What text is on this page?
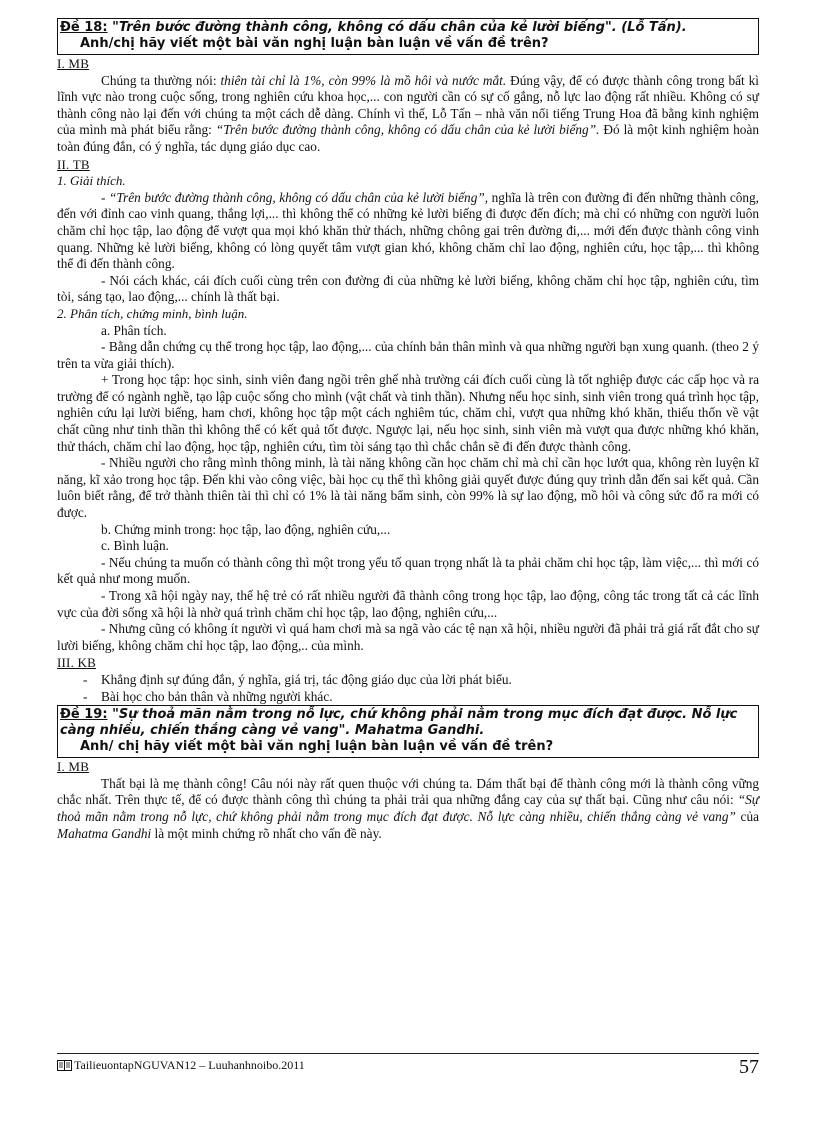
Đề 18: "Trên bước đường thành công, không có dấu chân của kẻ lười biếng". (Lỗ Tấn).
Anh/chị hãy viết một bài văn nghị luận bàn luận về vấn đề trên?
I. MB

Chúng ta thường nói: thiên tài chỉ là 1%, còn 99% là mồ hôi và nước mắt. Đúng vậy, để có được thành công trong bất kì lĩnh vực nào trong cuộc sống, trong nghiên cứu khoa học,... con người cần có sự cố gắng, nỗ lực lao động rất nhiều. Không có sự thành công nào lại đến với chúng ta một cách dễ dàng. Chính vì thế, Lỗ Tấn – nhà văn nổi tiếng Trung Hoa đã bằng kinh nghiệm của mình mà phát biểu rằng: “Trên bước đường thành công, không có dấu chân của kẻ lười biếng”. Đó là một kinh nghiệm hoàn toàn đúng đắn, có ý nghĩa, tác dụng giáo dục cao.

II. TB
1. Giải thích.

- “Trên bước đường thành công, không có dấu chân của kẻ lười biếng”, nghĩa là trên con đường đi đến những thành công, đến với đỉnh cao vinh quang, thắng lợi,... thì không thể có những kẻ lười biếng đi được đến đích; mà chỉ có những con người luôn chăm chỉ học tập, lao động để vượt qua mọi khó khăn thử thách, những chông gai trên đường đi,... mới đến được thành công vinh quang. Những kẻ lười biếng, không có lòng quyết tâm vượt gian khó, không chăm chỉ lao động, nghiên cứu, học tập,... thì không thể đi đến thành công.

- Nói cách khác, cái đích cuối cùng trên con đường đi của những kẻ lười biếng, không chăm chỉ học tập, nghiên cứu, tìm tòi, sáng tạo, lao động,... chính là thất bại.

2. Phân tích, chứng minh, bình luận.

a. Phân tích.

- Bằng dẫn chứng cụ thể trong học tập, lao động,... của chính bản thân mình và qua những người bạn xung quanh. (theo 2 ý trên ta vừa giải thích).

+ Trong học tập: học sinh, sinh viên đang ngồi trên ghế nhà trường cái đích cuối cùng là tốt nghiệp được các cấp học và ra trường để có ngành nghề, tạo lập cuộc sống cho mình (vật chất và tinh thần). Nhưng nếu học sinh, sinh viên trong quá trình học tập, nghiên cứu lại lười biếng, ham chơi, không học tập một cách nghiêm túc, chăm chỉ, vượt qua những khó khăn, thiếu thốn về vật chất cũng như tinh thần thì không thể có kết quả tốt được. Ngược lại, nếu học sinh, sinh viên mà vượt qua được những khó khăn, thử thách, chăm chỉ lao động, học tập, nghiên cứu, tìm tòi sáng tạo thì chắc chắn sẽ đi đến được thành công.

- Nhiều người cho rằng mình thông minh, là tài năng không cần học chăm chỉ mà chỉ cần học lướt qua, không rèn luyện kĩ năng, kĩ xảo trong học tập. Đến khi vào công việc, bài học cụ thể thì không giải quyết được đúng quy trình dẫn đến sai kết quả. Cần luôn biết rằng, để trở thành thiên tài thì chỉ có 1% là tài năng bẩm sinh, còn 99% là sự lao động, mồ hôi và công sức đổ ra mới có được.

b. Chứng minh trong: học tập, lao động, nghiên cứu,...

c. Bình luận.

- Nếu chúng ta muốn có thành công thì một trong yếu tố quan trọng nhất là ta phải chăm chỉ học tập, làm việc,... thì mới có kết quả như mong muốn.

- Trong xã hội ngày nay, thế hệ trẻ có rất nhiều người đã thành công trong học tập, lao động, công tác trong tất cả các lĩnh vực của đời sống xã hội là nhờ quá trình chăm chỉ học tập, lao động, nghiên cứu,...

- Nhưng cũng có không ít người vì quá ham chơi mà sa ngã vào các tệ nạn xã hội, nhiều người đã phải trả giá rất đắt cho sự lười biếng, không chăm chỉ học tập, lao động,.. của mình.

III. KB
- Khẳng định sự đúng đắn, ý nghĩa, giá trị, tác động giáo dục của lời phát biểu.
- Bài học cho bản thân và những người khác.
Đề 19: "Sự thoả mãn nằm trong nỗ lực, chứ không phải nằm trong mục đích đạt được. Nỗ lực
càng nhiều, chiến thắng càng vẻ vang". Mahatma Gandhi.
Anh/ chị hãy viết một bài văn nghị luận bàn luận về vấn đề trên?
I. MB

Thất bại là mẹ thành công! Câu nói này rất quen thuộc với chúng ta. Dám thất bại để thành công mới là thành công vững chắc nhất. Trên thực tế, để có được thành công thì chúng ta phải trải qua những đắng cay của sự thất bại. Cũng như câu nói: “Sự thoả mãn nằm trong nỗ lực, chứ không phải nằm trong mục đích đạt được. Nỗ lực càng nhiều, chiến thắng càng vẻ vang” của Mahatma Gandhi là một minh chứng rõ nhất cho vấn đề này.

TailieuontapNGUVAN12 – Luuhanhnoibo.2011	57
